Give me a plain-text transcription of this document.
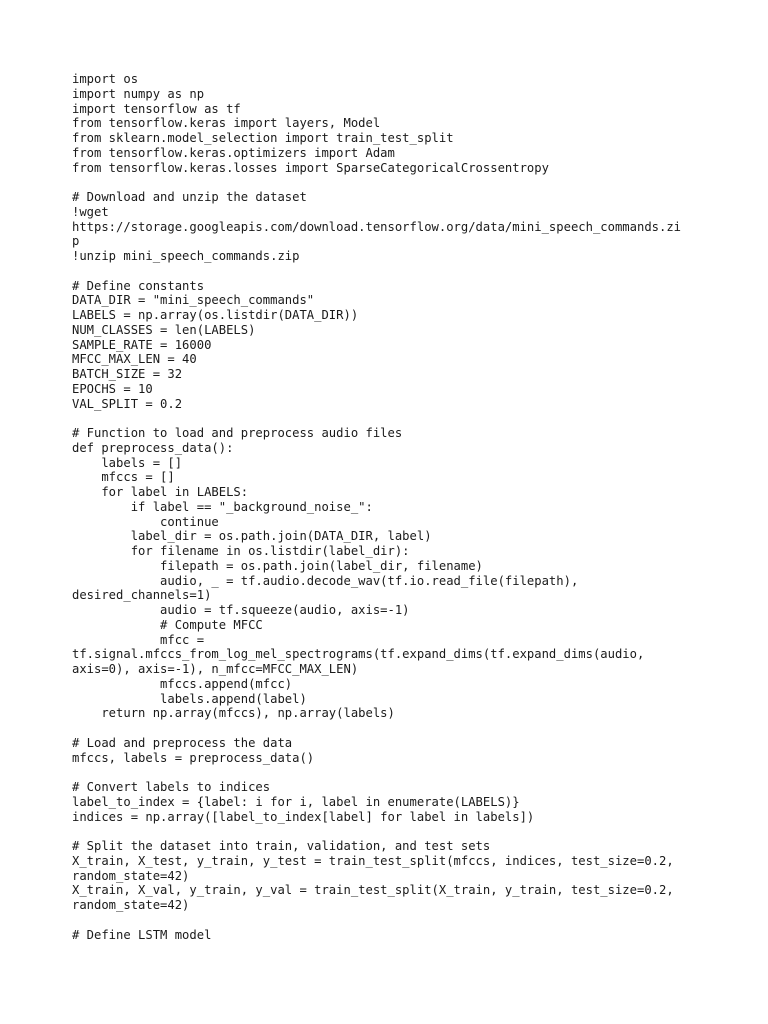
import os
import numpy as np
import tensorflow as tf
from tensorflow.keras import layers, Model
from sklearn.model_selection import train_test_split
from tensorflow.keras.optimizers import Adam
from tensorflow.keras.losses import SparseCategoricalCrossentropy
# Download and unzip the dataset
!wget
https://storage.googleapis.com/download.tensorflow.org/data/mini_speech_commands.zi
p
!unzip mini_speech_commands.zip
# Define constants
DATA_DIR = "mini_speech_commands"
LABELS = np.array(os.listdir(DATA_DIR))
NUM_CLASSES = len(LABELS)
SAMPLE_RATE = 16000
MFCC_MAX_LEN = 40
BATCH_SIZE = 32
EPOCHS = 10
VAL_SPLIT = 0.2
# Function to load and preprocess audio files
def preprocess_data():
labels = []
mfccs = []
for label in LABELS:
if label == "_background_noise_":
continue
label_dir = os.path.join(DATA_DIR, label)
for filename in os.listdir(label_dir):
filepath = os.path.join(label_dir, filename)
audio, _ = tf.audio.decode_wav(tf.io.read_file(filepath),
desired_channels=1)
audio = tf.squeeze(audio, axis=-1)
# Compute MFCC
mfcc =
tf.signal.mfccs_from_log_mel_spectrograms(tf.expand_dims(tf.expand_dims(audio,
axis=0), axis=-1), n_mfcc=MFCC_MAX_LEN)
mfccs.append(mfcc)
labels.append(label)
return np.array(mfccs), np.array(labels)
# Load and preprocess the data
mfccs, labels = preprocess_data()
# Convert labels to indices
label_to_index = {label: i for i, label in enumerate(LABELS)}
indices = np.array([label_to_index[label] for label in labels])
# Split the dataset into train, validation, and test sets
X_train, X_test, y_train, y_test = train_test_split(mfccs, indices, test_size=0.2,
random_state=42)
X_train, X_val, y_train, y_val = train_test_split(X_train, y_train, test_size=0.2,
random_state=42)
# Define LSTM model
